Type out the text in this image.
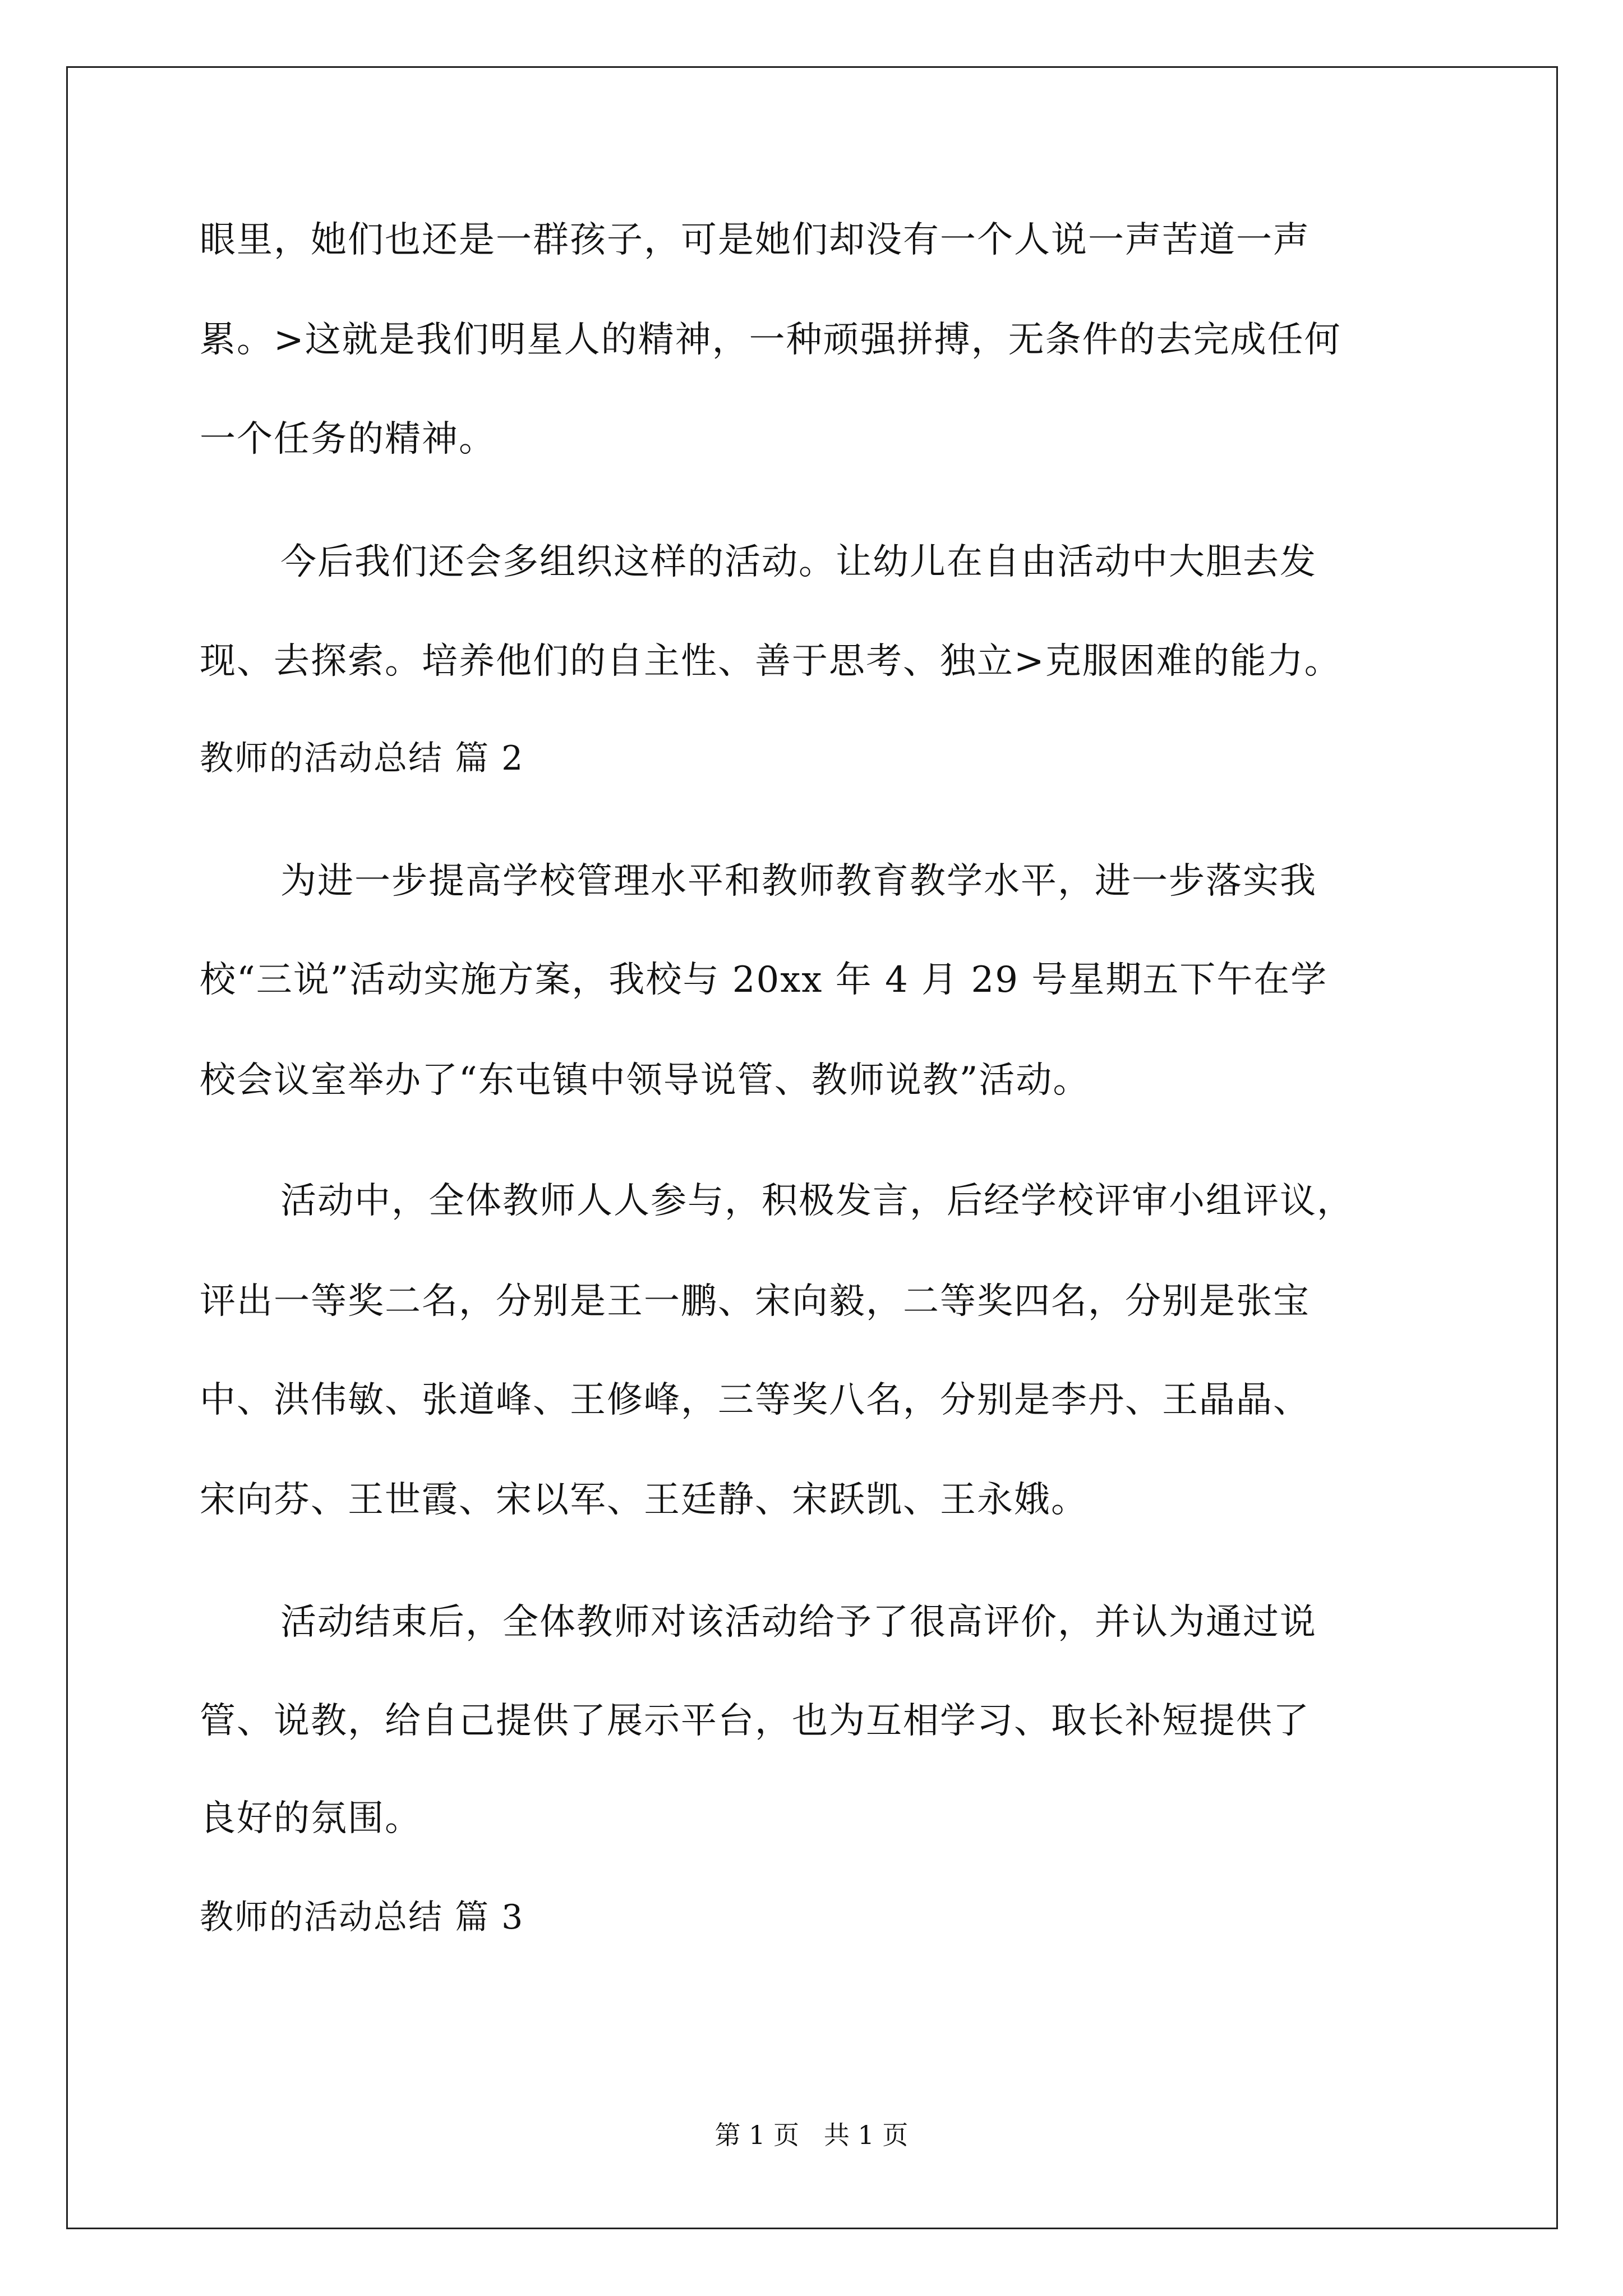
眼里，她们也还是一群孩子，可是她们却没有一个人说一声苦道一声
累。>这就是我们明星人的精神，一种顽强拼搏，无条件的去完成任何
一个任务的精神。
今后我们还会多组织这样的活动。让幼儿在自由活动中大胆去发
现、去探索。培养他们的自主性、善于思考、独立>克服困难的能力。
教师的活动总结 篇 2
为进一步提高学校管理水平和教师教育教学水平，进一步落实我
校“三说”活动实施方案，我校与 20xx 年 4 月 29 号星期五下午在学
校会议室举办了“东屯镇中领导说管、教师说教”活动。
活动中，全体教师人人参与，积极发言，后经学校评审小组评议，
评出一等奖二名，分别是王一鹏、宋向毅，二等奖四名，分别是张宝
中、洪伟敏、张道峰、王修峰，三等奖八名，分别是李丹、王晶晶、
宋向芬、王世霞、宋以军、王廷静、宋跃凯、王永娥。
活动结束后，全体教师对该活动给予了很高评价，并认为通过说
管、说教，给自己提供了展示平台，也为互相学习、取长补短提供了
良好的氛围。
教师的活动总结 篇 3
第 1 页   共 1 页
